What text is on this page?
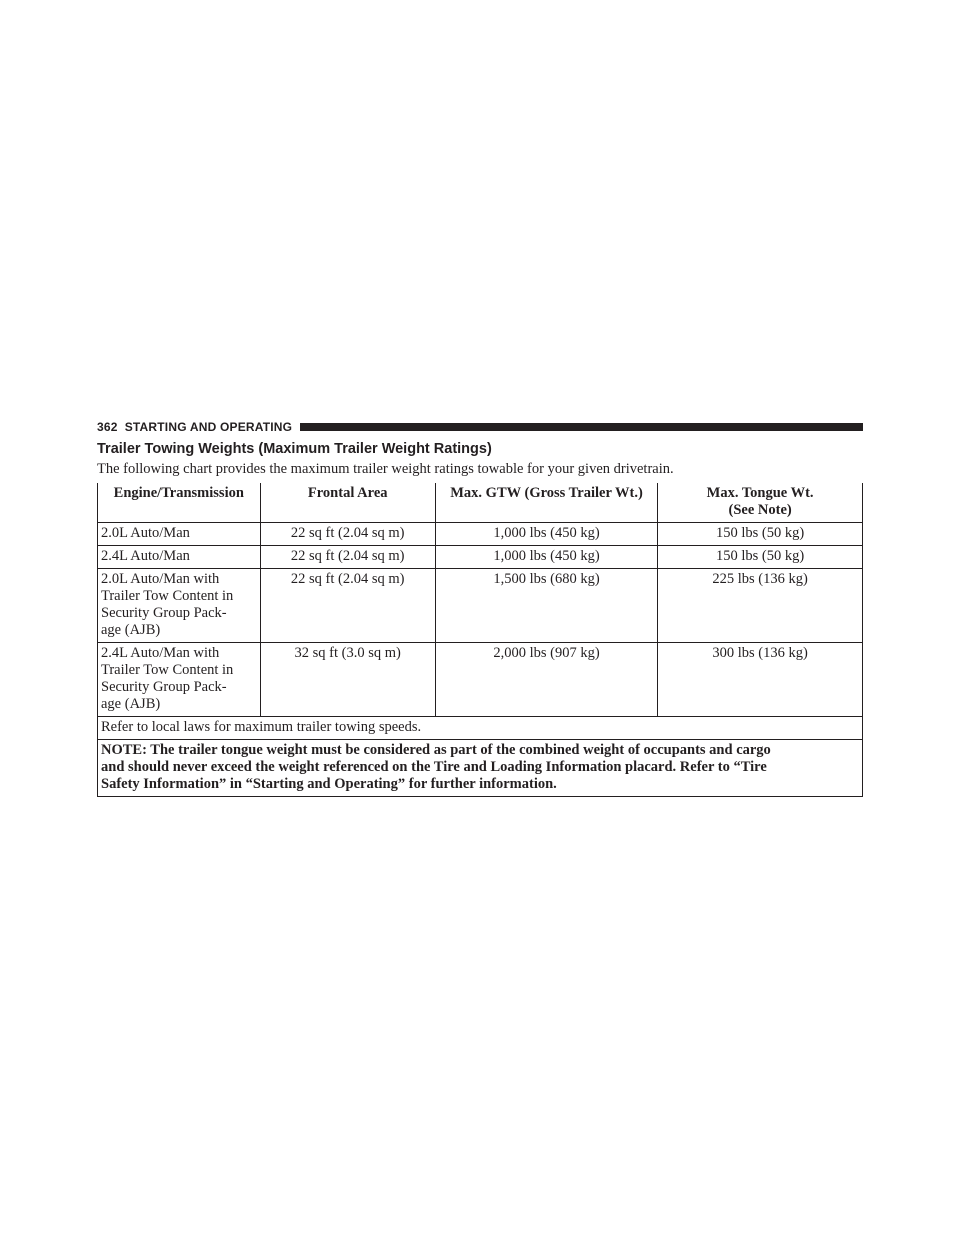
362 STARTING AND OPERATING
Trailer Towing Weights (Maximum Trailer Weight Ratings)
The following chart provides the maximum trailer weight ratings towable for your given drivetrain.
Engine/Transmission	Frontal Area	Max. GTW (Gross Trailer Wt.)	Max. Tongue Wt.
(See Note)
2.0L Auto/Man	22 sq ft (2.04 sq m)	1,000 lbs (450 kg)	150 lbs (50 kg)
2.4L Auto/Man	22 sq ft (2.04 sq m)	1,000 lbs (450 kg)	150 lbs (50 kg)
2.0L Auto/Man with
Trailer Tow Content in
Security Group Pack-
age (AJB)	22 sq ft (2.04 sq m)	1,500 lbs (680 kg)	225 lbs (136 kg)
2.4L Auto/Man with
Trailer Tow Content in
Security Group Pack-
age (AJB)	32 sq ft (3.0 sq m)	2,000 lbs (907 kg)	300 lbs (136 kg)
Refer to local laws for maximum trailer towing speeds.			
NOTE: The trailer tongue weight must be considered as part of the combined weight of occupants and cargo
and should never exceed the weight referenced on the Tire and Loading Information placard. Refer to “Tire
Safety Information” in “Starting and Operating” for further information.			
